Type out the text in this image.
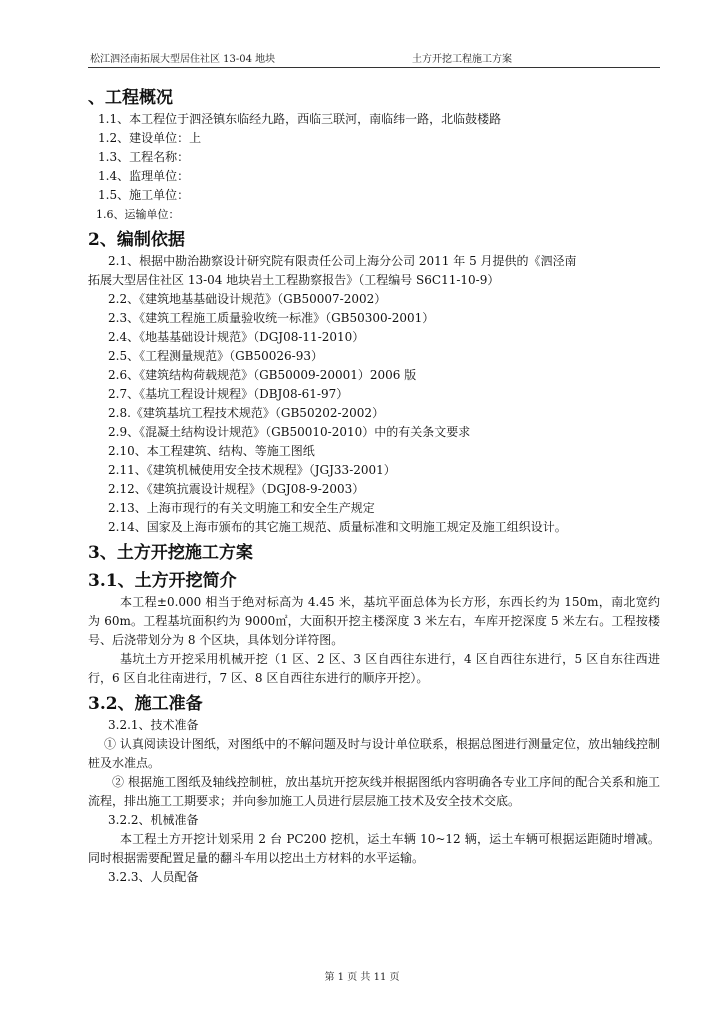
松江泗泾南拓展大型居住社区 13-04 地块	土方开挖工程施工方案
、工程概况
1.1、本工程位于泗泾镇东临经九路，西临三联河，南临纬一路，北临鼓楼路
1.2、建设单位：上
1.3、工程名称：
1.4、监理单位：
1.5、施工单位：
1.6、运输单位：
2、编制依据
2.1、根据中勘治勘察设计研究院有限责任公司上海分公司 2011 年 5 月提供的《泗泾南
拓展大型居住社区 13-04 地块岩土工程勘察报告》（工程编号 S6C11-10-9）
2.2、《建筑地基基础设计规范》（GB50007-2002）
2.3、《建筑工程施工质量验收统一标准》（GB50300-2001）
2.4、《地基基础设计规范》（DGJ08-11-2010）
2.5、《工程测量规范》（GB50026-93）
2.6、《建筑结构荷载规范》（GB50009-20001）2006 版
2.7、《基坑工程设计规程》（DBJ08-61-97）
2.8.《建筑基坑工程技术规范》（GB50202-2002）
2.9、《混凝土结构设计规范》（GB50010-2010）中的有关条文要求
2.10、本工程建筑、结构、等施工图纸
2.11、《建筑机械使用安全技术规程》（JGJ33-2001）
2.12、《建筑抗震设计规程》（DGJ08-9-2003）
2.13、上海市现行的有关文明施工和安全生产规定
2.14、国家及上海市颁布的其它施工规范、质量标准和文明施工规定及施工组织设计。
3、土方开挖施工方案
3.1、土方开挖简介
本工程±0.000 相当于绝对标高为 4.45 米，基坑平面总体为长方形，东西长约为 150m，南北宽约为 60m。工程基坑面积约为 9000㎡，大面积开挖主楼深度 3 米左右，车库开挖深度 5 米左右。工程按楼号、后浇带划分为 8 个区块，具体划分详符图。
基坑土方开挖采用机械开挖（1 区、2 区、3 区自西往东进行，4 区自西往东进行，5 区自东往西进行，6 区自北往南进行，7 区、8 区自西往东进行的顺序开挖）。
3.2、施工准备
3.2.1、技术准备
① 认真阅读设计图纸，对图纸中的不解问题及时与设计单位联系，根据总图进行测量定位，放出轴线控制桩及水准点。
② 根据施工图纸及轴线控制桩，放出基坑开挖灰线并根据图纸内容明确各专业工序间的配合关系和施工流程，排出施工工期要求；并向参加施工人员进行层层施工技术及安全技术交底。
3.2.2、机械准备
本工程土方开挖计划采用 2 台 PC200 挖机，运土车辆 10~12 辆，运土车辆可根据运距随时增减。同时根据需要配置足量的翻斗车用以挖出土方材料的水平运输。
3.2.3、人员配备
第 1 页 共 11 页
